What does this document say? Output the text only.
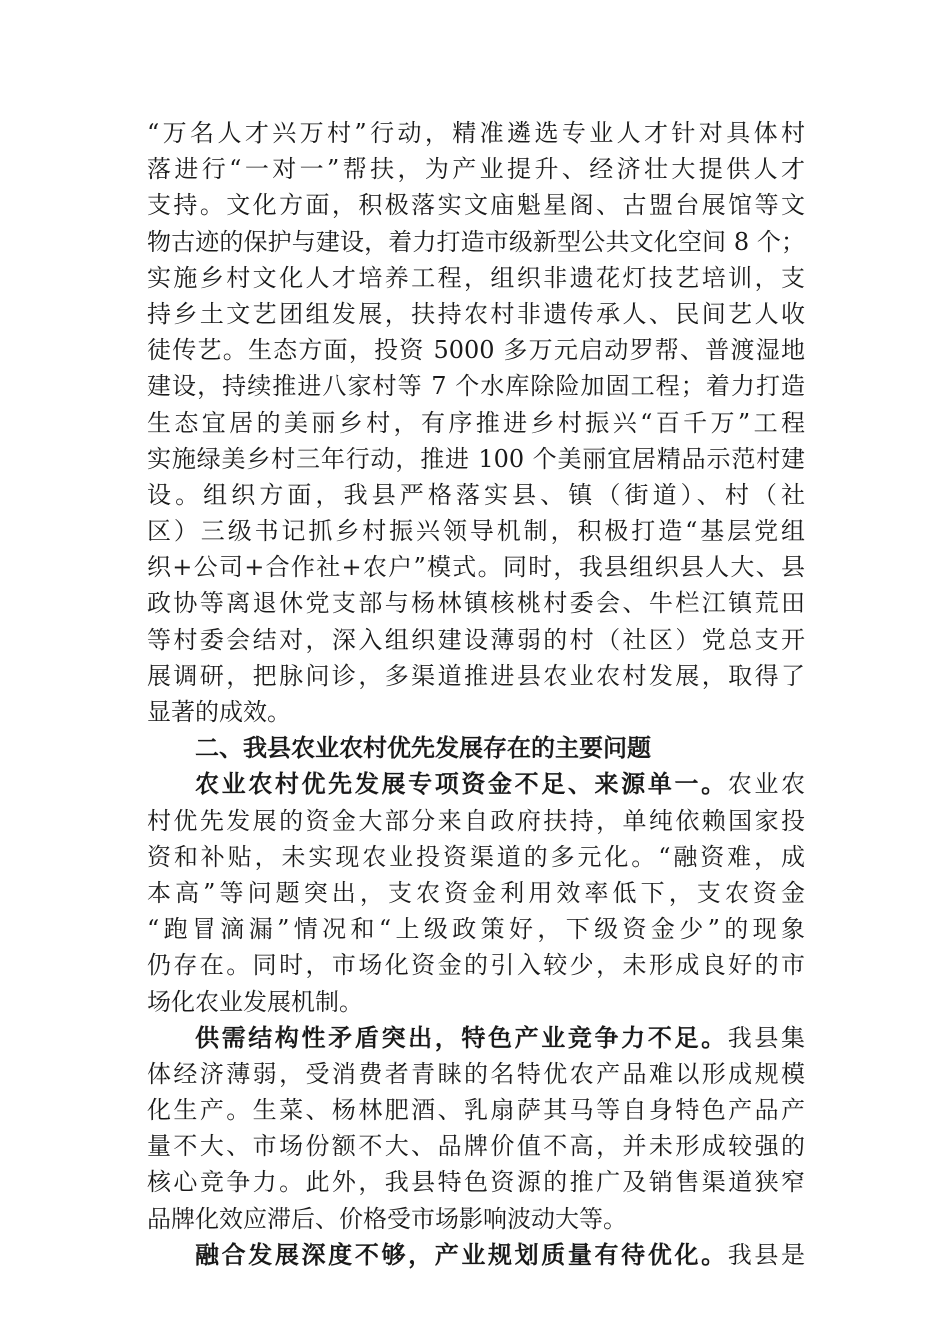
“万名人才兴万村”行动，精准遴选专业人才针对具体村
落进行“一对一”帮扶，为产业提升、经济壮大提供人才
支持。文化方面，积极落实文庙魁星阁、古盟台展馆等文
物古迹的保护与建设，着力打造市级新型公共文化空间 8 个；
实施乡村文化人才培养工程，组织非遗花灯技艺培训，支
持乡土文艺团组发展，扶持农村非遗传承人、民间艺人收
徒传艺。生态方面，投资 5000 多万元启动罗帮、普渡湿地
建设，持续推进八家村等 7 个水库除险加固工程；着力打造
生态宜居的美丽乡村，有序推进乡村振兴“百千万”工程
实施绿美乡村三年行动，推进 100 个美丽宜居精品示范村建
设。组织方面，我县严格落实县、镇（街道）、村（社
区）三级书记抓乡村振兴领导机制，积极打造“基层党组
织+公司+合作社+农户”模式。同时，我县组织县人大、县
政协等离退休党支部与杨林镇核桃村委会、牛栏江镇荒田
等村委会结对，深入组织建设薄弱的村（社区）党总支开
展调研，把脉问诊，多渠道推进县农业农村发展，取得了
显著的成效。
二、我县农业农村优先发展存在的主要问题
农业农村优先发展专项资金不足、来源单一。农业农
村优先发展的资金大部分来自政府扶持，单纯依赖国家投
资和补贴，未实现农业投资渠道的多元化。“融资难，成
本高”等问题突出，支农资金利用效率低下，支农资金
“跑冒滴漏”情况和“上级政策好，下级资金少”的现象
仍存在。同时，市场化资金的引入较少，未形成良好的市
场化农业发展机制。
供需结构性矛盾突出，特色产业竞争力不足。我县集
体经济薄弱，受消费者青睐的名特优农产品难以形成规模
化生产。生菜、杨林肥酒、乳扇萨其马等自身特色产品产
量不大、市场份额不大、品牌价值不高，并未形成较强的
核心竞争力。此外，我县特色资源的推广及销售渠道狭窄
品牌化效应滞后、价格受市场影响波动大等。
融合发展深度不够，产业规划质量有待优化。我县是
